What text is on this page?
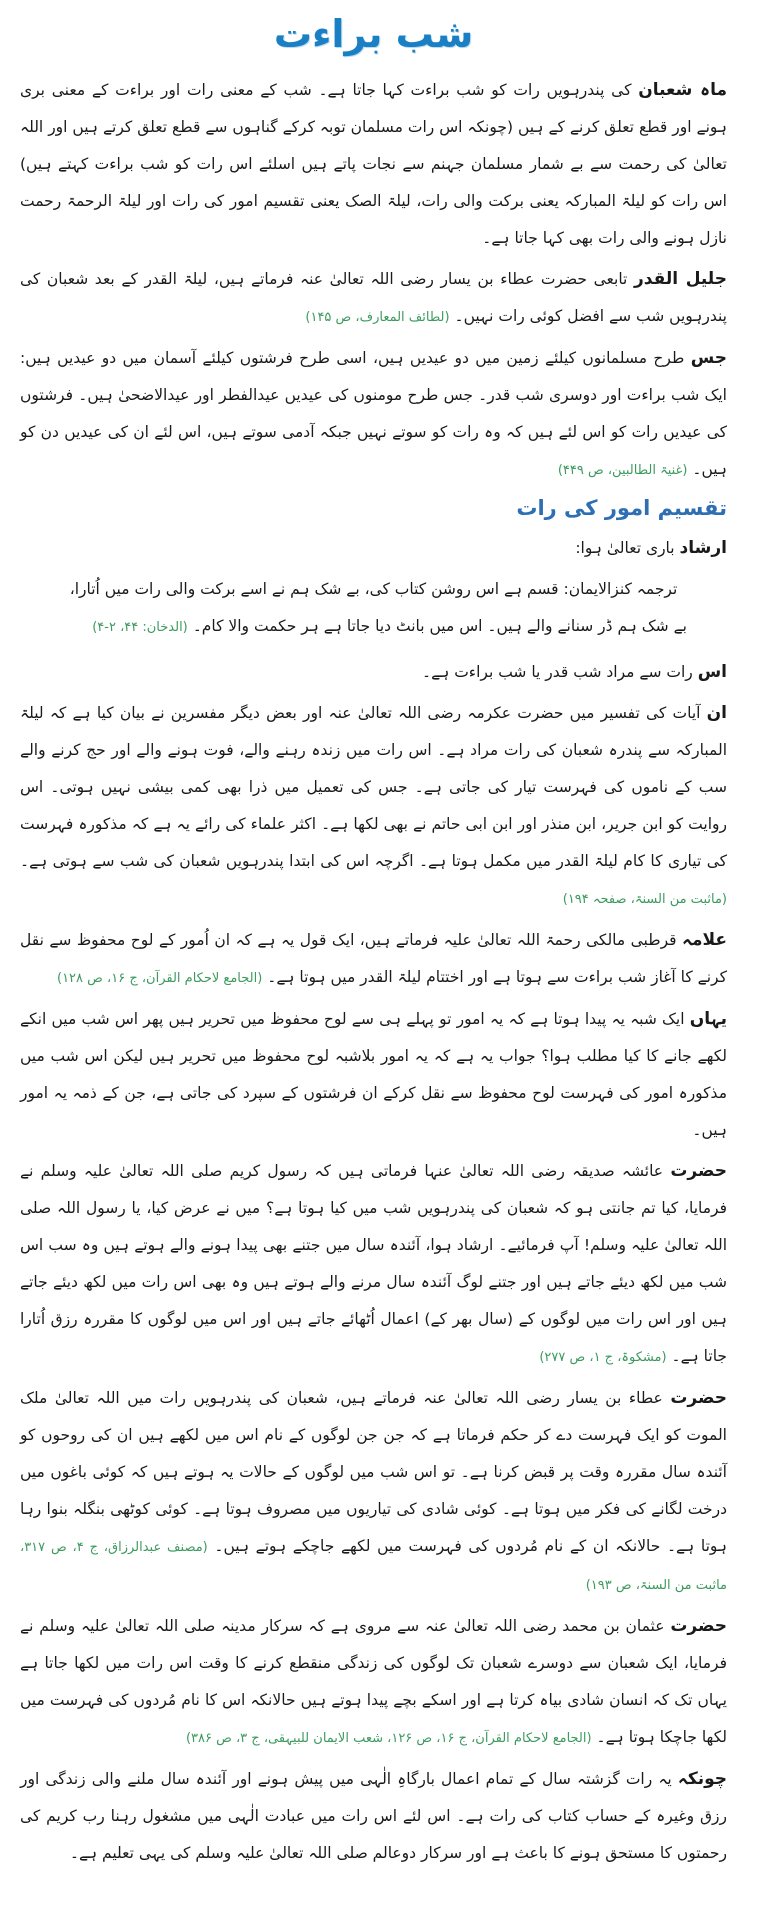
شب براءت

ماہ شعبان کی پندرہویں رات کو شب براءت کہا جاتا ہے۔ شب کے معنی رات اور براءت کے معنی بری ہونے اور قطع تعلق کرنے کے ہیں (چونکہ اس رات مسلمان توبہ کرکے گناہوں سے قطع تعلق کرتے ہیں اور اللہ تعالیٰ کی رحمت سے بے شمار مسلمان جہنم سے نجات پاتے ہیں اسلئے اس رات کو شب براءت کہتے ہیں) اس رات کو لیلۃ المبارکہ یعنی برکت والی رات، لیلۃ الصک یعنی تقسیم امور کی رات اور لیلۃ الرحمۃ رحمت نازل ہونے والی رات بھی کہا جاتا ہے۔

جلیل القدر تابعی حضرت عطاء بن یسار رضی اللہ تعالیٰ عنہ فرماتے ہیں، لیلۃ القدر کے بعد شعبان کی پندرہویں شب سے افضل کوئی رات نہیں۔ (لطائف المعارف، ص ۱۴۵)

جس طرح مسلمانوں کیلئے زمین میں دو عیدیں ہیں، اسی طرح فرشتوں کیلئے آسمان میں دو عیدیں ہیں: ایک شب براءت اور دوسری شب قدر۔ جس طرح مومنوں کی عیدیں عیدالفطر اور عیدالاضحیٰ ہیں۔ فرشتوں کی عیدیں رات کو اس لئے ہیں کہ وہ رات کو سوتے نہیں جبکہ آدمی سوتے ہیں، اس لئے ان کی عیدیں دن کو ہیں۔ (غنیۃ الطالبین، ص ۴۴۹)

تقسیم امور کی رات

ارشاد باری تعالیٰ ہوا:

ترجمہ کنزالایمان: قسم ہے اس روشن کتاب کی، بے شک ہم نے اسے برکت والی رات میں اُتارا،

بے شک ہم ڈر سنانے والے ہیں۔ اس میں بانٹ دیا جاتا ہے ہر حکمت والا کام۔ (الدخان: ۴۴، ۲-۴)

اس رات سے مراد شب قدر یا شب براءت ہے۔

ان آیات کی تفسیر میں حضرت عکرمہ رضی اللہ تعالیٰ عنہ اور بعض دیگر مفسرین نے بیان کیا ہے کہ لیلۃ المبارکہ سے پندرہ شعبان کی رات مراد ہے۔ اس رات میں زندہ رہنے والے، فوت ہونے والے اور حج کرنے والے سب کے ناموں کی فہرست تیار کی جاتی ہے۔ جس کی تعمیل میں ذرا بھی کمی بیشی نہیں ہوتی۔ اس روایت کو ابن جریر، ابن منذر اور ابن ابی حاتم نے بھی لکھا ہے۔ اکثر علماء کی رائے یہ ہے کہ مذکورہ فہرست کی تیاری کا کام لیلۃ القدر میں مکمل ہوتا ہے۔ اگرچہ اس کی ابتدا پندرہویں شعبان کی شب سے ہوتی ہے۔ (ماثبت من السنۃ، صفحہ ۱۹۴)

علامہ قرطبی مالکی رحمۃ اللہ تعالیٰ علیہ فرماتے ہیں، ایک قول یہ ہے کہ ان اُمور کے لوح محفوظ سے نقل کرنے کا آغاز شب براءت سے ہوتا ہے اور اختتام لیلۃ القدر میں ہوتا ہے۔ (الجامع لاحکام القرآن، ج ۱۶، ص ۱۲۸)

یہاں ایک شبہ یہ پیدا ہوتا ہے کہ یہ امور تو پہلے ہی سے لوح محفوظ میں تحریر ہیں پھر اس شب میں انکے لکھے جانے کا کیا مطلب ہوا؟ جواب یہ ہے کہ یہ امور بلاشبہ لوح محفوظ میں تحریر ہیں لیکن اس شب میں مذکورہ امور کی فہرست لوح محفوظ سے نقل کرکے ان فرشتوں کے سپرد کی جاتی ہے، جن کے ذمہ یہ امور ہیں۔

حضرت عائشہ صدیقہ رضی اللہ تعالیٰ عنہا فرماتی ہیں کہ رسول کریم صلی اللہ تعالیٰ علیہ وسلم نے فرمایا، کیا تم جانتی ہو کہ شعبان کی پندرہویں شب میں کیا ہوتا ہے؟ میں نے عرض کیا، یا رسول اللہ صلی اللہ تعالیٰ علیہ وسلم! آپ فرمائیے۔ ارشاد ہوا، آئندہ سال میں جتنے بھی پیدا ہونے والے ہوتے ہیں وہ سب اس شب میں لکھ دیئے جاتے ہیں اور جتنے لوگ آئندہ سال مرنے والے ہوتے ہیں وہ بھی اس رات میں لکھ دیئے جاتے ہیں اور اس رات میں لوگوں کے (سال بھر کے) اعمال اُٹھائے جاتے ہیں اور اس میں لوگوں کا مقررہ رزق اُتارا جاتا ہے۔ (مشکوۃ، ج ۱، ص ۲۷۷)

حضرت عطاء بن یسار رضی اللہ تعالیٰ عنہ فرماتے ہیں، شعبان کی پندرہویں رات میں اللہ تعالیٰ ملک الموت کو ایک فہرست دے کر حکم فرماتا ہے کہ جن جن لوگوں کے نام اس میں لکھے ہیں ان کی روحوں کو آئندہ سال مقررہ وقت پر قبض کرنا ہے۔ تو اس شب میں لوگوں کے حالات یہ ہوتے ہیں کہ کوئی باغوں میں درخت لگانے کی فکر میں ہوتا ہے۔ کوئی شادی کی تیاریوں میں مصروف ہوتا ہے۔ کوئی کوٹھی بنگلہ بنوا رہا ہوتا ہے۔ حالانکہ ان کے نام مُردوں کی فہرست میں لکھے جاچکے ہوتے ہیں۔ (مصنف عبدالرزاق، ج ۴، ص ۳۱۷، ماثبت من السنۃ، ص ۱۹۳)

حضرت عثمان بن محمد رضی اللہ تعالیٰ عنہ سے مروی ہے کہ سرکار مدینہ صلی اللہ تعالیٰ علیہ وسلم نے فرمایا، ایک شعبان سے دوسرے شعبان تک لوگوں کی زندگی منقطع کرنے کا وقت اس رات میں لکھا جاتا ہے یہاں تک کہ انسان شادی بیاہ کرتا ہے اور اسکے بچے پیدا ہوتے ہیں حالانکہ اس کا نام مُردوں کی فہرست میں لکھا جاچکا ہوتا ہے۔ (الجامع لاحکام القرآن، ج ۱۶، ص ۱۲۶، شعب الایمان للبیہقی، ج ۳، ص ۳۸۶)

چونکہ یہ رات گزشتہ سال کے تمام اعمال بارگاہِ الٰہی میں پیش ہونے اور آئندہ سال ملنے والی زندگی اور رزق وغیرہ کے حساب کتاب کی رات ہے۔ اس لئے اس رات میں عبادت الٰہی میں مشغول رہنا رب کریم کی رحمتوں کا مستحق ہونے کا باعث ہے اور سرکار دوعالم صلی اللہ تعالیٰ علیہ وسلم کی یہی تعلیم ہے۔
